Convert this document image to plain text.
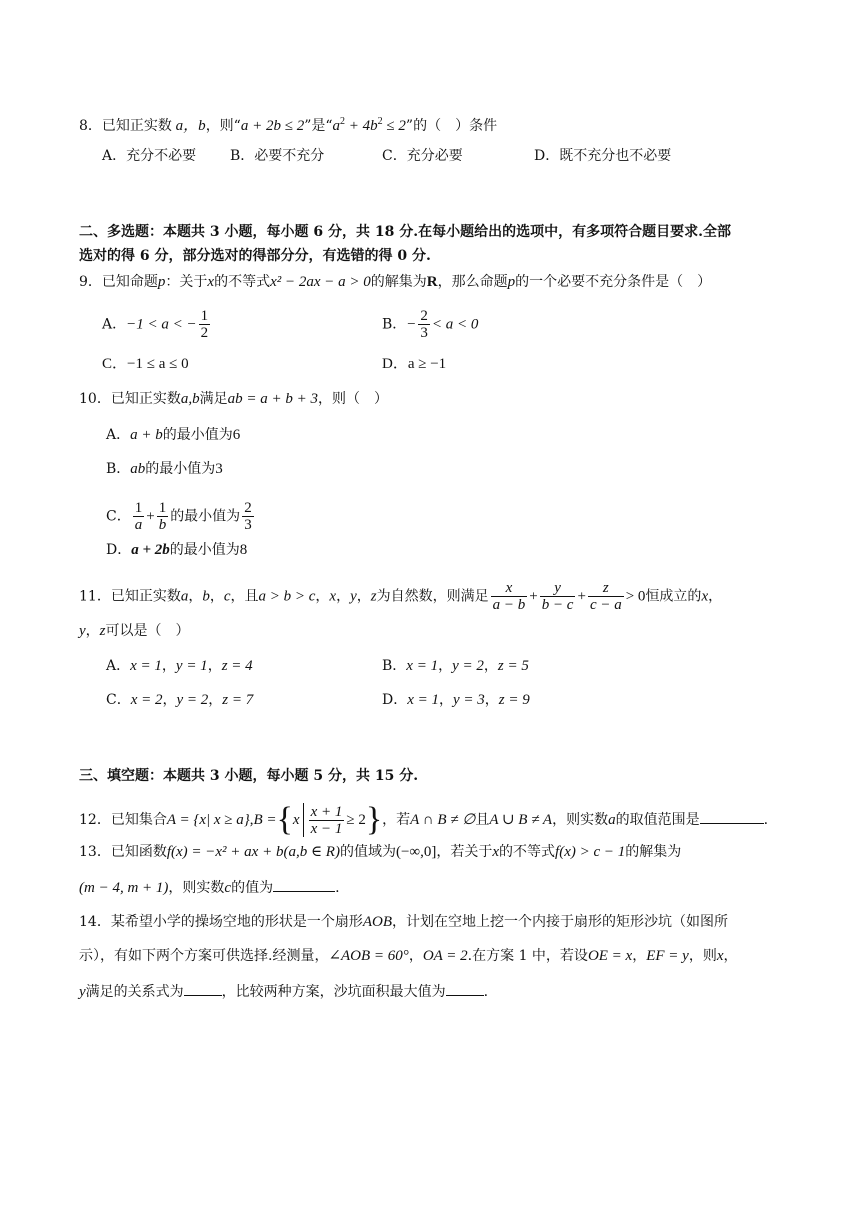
8．已知正实数 a，b，则“a + 2b ≤ 2”是“$a^2 + 4b^2 \le 2$”的（　）条件
A．充分不必要 B．必要不充分	C．充分必要	D．既不充分也不必要
二、多选题：本题共 3 小题，每小题 6 分，共 18 分.在每小题给出的选项中，有多项符合题目要求.全部
选对的得 6 分，部分选对的得部分分，有选错的得 0 分.
9．已知命题p：关于x的不等式x² − 2ax − a > 0的解集为R，那么命题p的一个必要不充分条件是（　）
A．−1 < a < − $\frac{1}{2}$	B．− $\frac{2}{3} < a < 0$
C．−1 ≤ a ≤ 0	D．a ≥ −1
10．已知正实数a,b满足ab = a + b + 3，则（　）
A．a + b的最小值为6
B．ab的最小值为3
C． $\frac{1}{a} + \frac{1}{b}$ 的最小值为 $\frac{2}{3}$
D．a + 2b的最小值为8
11．已知正实数a，b，c，且a > b > c，x，y，z为自然数，则满足 $\frac{x}{a - b} + \frac{y}{b - c} + \frac{z}{c - a} > 0$恒成立的x，
y，z可以是（　）
A．x = 1，y = 1，z = 4	B．x = 1，y = 2，z = 5
C．x = 2，y = 2，z = 7	D．x = 1，y = 3，z = 9
三、填空题：本题共 3 小题，每小题 5 分，共 15 分.
12．已知集合A = {x| $x \ge a\},B =\{x \frac{x + 1}{x - 1} \ge 2\}$，若A ∩ B ≠ ∅且A ∪ B ≠ A，则实数a的取值范围是	.
13．已知函数f(x) = −x² + ax + b(a,b ∈ R)的值域为(−∞,0]，若关于x的不等式f(x) > c − 1的解集为
(m − 4, m + 1)，则实数c的值为	.
14．某希望小学的操场空地的形状是一个扇形AOB，计划在空地上挖一个内接于扇形的矩形沙坑（如图所
示），有如下两个方案可供选择.经测量，∠AOB = 60°，OA = 2.在方案 1 中，若设OE = x，EF = y，则x，
y满足的关系式为	，比较两种方案，沙坑面积最大值为	.
